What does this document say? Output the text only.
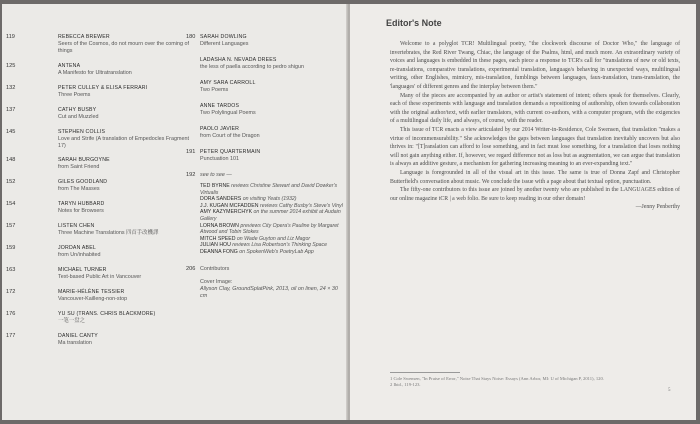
119	REBECCA BREWER
Seers of the Cosmos, do not mourn over the coming of things
125	ANTENA
A Manifesto for Ultratranslation
132	PETER CULLEY & ELISA FERRARI
Three Poems
137	CATHY BUSBY
Cut and Muzzled
145	STEPHEN COLLIS
Love and Strife (A translation of Empedocles Fragment 17)
148	SARAH BURGOYNE
from Saint Friend
152	GILES GOODLAND
from The Masses
154	TARYN HUBBARD
Notes for Browsers
157	LISTEN CHEN
Three Machine Translations 四首手改機譯
159	JORDAN ABEL
from Un/inhabited
163	MICHAEL TURNER
Text-based Public Art in Vancouver
172	MARIE-HÉLÈNE TESSIER
Vancouver-Kailleng-non-stop
176	YU SU (TRANS. CHRIS BLACKMORE)
一笔一盘之
177	DANIEL CANTY
Ma translation
180 SARAH DOWLING
Different Languages
LADASHA N. NEVADA DREES
the less of paella according to pedro shigun
AMY SARA CARROLL
Two Poems
ANNE TARDOS
Two Polylingual Poems
PAOLO JAVIER
from Court of the Dragon
191 PETER QUARTERMAIN
Punctuation 101
192 see to see —
TED BYRNE reviews Christine Stewart and David Dowker's Virtualis
DORA SANDERS on visiting Yeats (1932)
J.J. KUGAN MCFADDEN reviews Cathy Busby's Steve's Vinyl
AMY KAZYMERCHYK on the summer 2014 exhibit at Audain Gallery
LORNA BROWN previews City Opera's Pauline by Margaret Atwood and Tobin Stokes
MITCH SPEED on Wade Guyton and Liz Magor
JULIAN HOU reviews Lisa Robertson's Thinking Space
DEANNA FONG on SpokenWeb's PoetryLab App
206 Contributors
Cover Image:
Allyson Clay, GroundSplatPink, 2013, oil on linen, 24 × 30 cm
Editor's Note

Welcome to a polyglot TCR! Multilingual poetry, "the clockwork discourse of Doctor Who," the language of invertebrates, the Red River Twang, Chiac, the language of the Psalms, html, and much more. An extraordinary variety of voices and languages is embedded in these pages, each piece a response to TCR's call for "translations of new or old texts, re-translations, comparative translations, experimental translation, language/s behaving in unexpected ways, multilingual writing, other Englishes, mimicry, mis-translation, fumblings between languages, faux-translation, trans-translation, the 'languages' of different genres and the interplay between them."

Many of the pieces are accompanied by an author or artist's statement of intent; others speak for themselves. Clearly, each of these experiments with language and translation demands a repositioning of authorship, often towards collaboration with the original author/text, with earlier translators, with current co-authors, with a computer program, with the exigencies of a multilingual daily life, and always, of course, with the reader.

This issue of TCR enacts a view articulated by our 2014 Writer-in-Residence, Cole Swensen, that translation "makes a virtue of incommensurability." She acknowledges the gaps between languages that translation inevitably uncovers but also thrives in: "[T]ranslation can afford to lose something, and in fact must lose something, for a translation that loses nothing will not gain anything either. If, however, we regard difference not as loss but as augmentation, we can argue that translation is always an additive gesture, a mechanism for gathering increasing meaning to an ever-expanding text."

Language is foregrounded in all of the visual art in this issue. The same is true of Donna Zapf and Christopher Butterfield's conversation about music. We conclude the issue with a page about that textual option, punctuation.

The fifty-one contributors to this issue are joined by another twenty who are published in the LANGUAGES edition of our online magazine tCR | a web folio. Be sure to keep reading in our other domain!

—Jenny Penberthy

1 Cole Swensen, "In Praise of Error," Noise That Stays Noise: Essays (Ann Arbor, MI: U of Michigan P, 2011), 120.
2 Ibid., 119-123.
5
